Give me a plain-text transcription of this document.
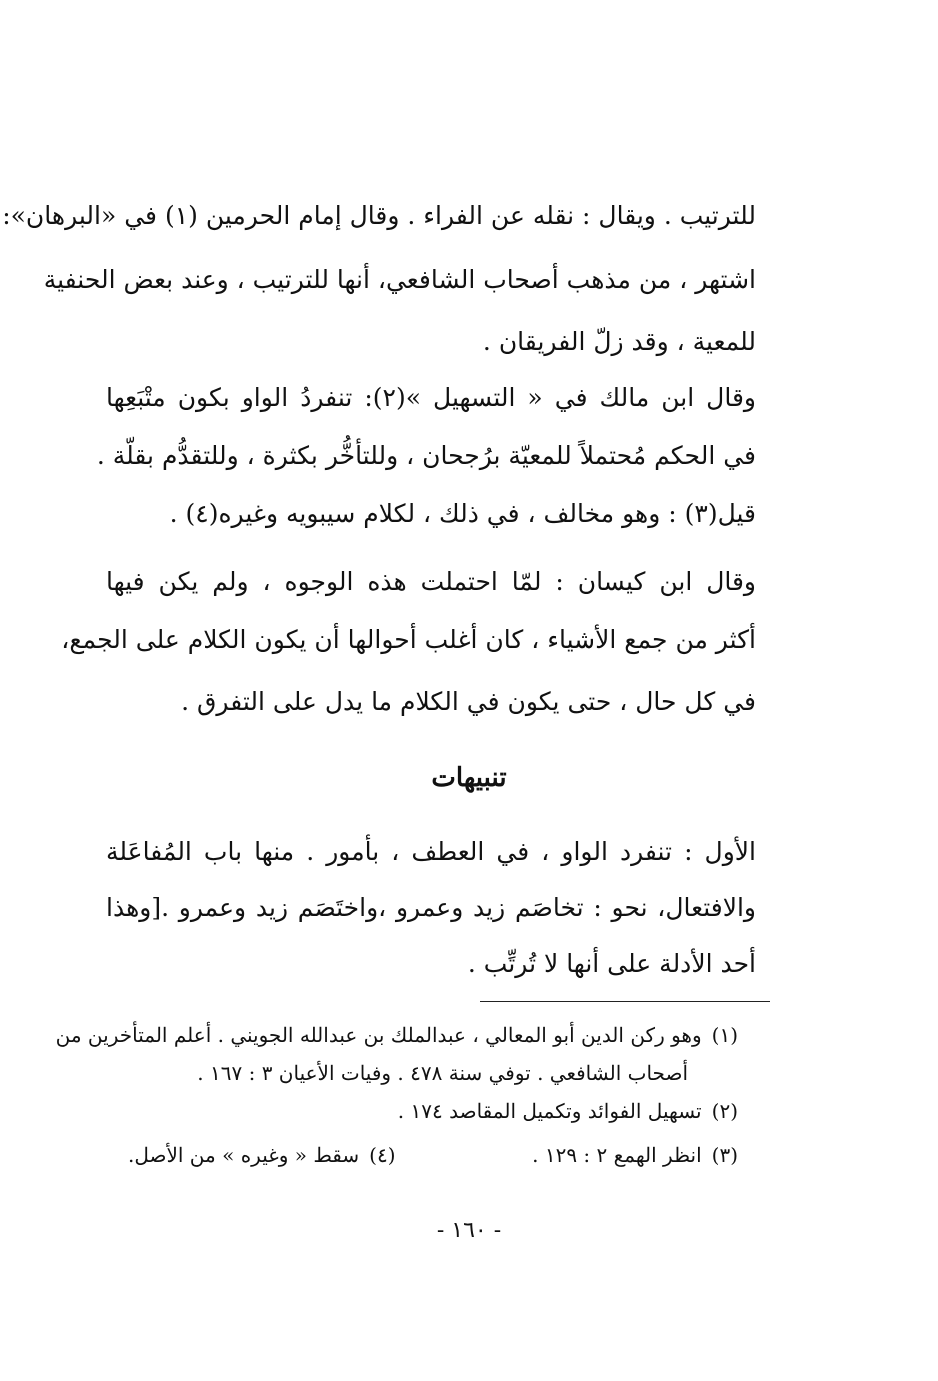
للترتيب . ويقال : نقله عن الفراء . وقال إمام الحرمين (١) في «البرهان»:
اشتهر ، من مذهب أصحاب الشافعي، أنها للترتيب ، وعند بعض الحنفية
للمعية ، وقد زلّ الفريقان .
وقال ابن مالك في « التسهيل »(٢): تنفردُ الواو بكون متْبَعِها
في الحكم مُحتملاً للمعيّة برُجحان ، وللتأخُّر بكثرة ، وللتقدُّم بقلّة .
قيل(٣) : وهو مخالف ، في ذلك ، لكلام سيبويه وغيره(٤) .
وقال ابن كيسان : لمّا احتملت هذه الوجوه ، ولم يكن فيها
أكثر من جمع الأشياء ، كان أغلب أحوالها أن يكون الكلام على الجمع،
في كل حال ، حتى يكون في الكلام ما يدل على التفرق .
تنبيهات
الأول : تنفرد الواو ، في العطف ، بأمور . منها باب المُفاعَلة
والافتعال، نحو : تخاصَم زيد وعمرو ،واختَصَم زيد وعمرو .[وهذا
أحد الأدلة على أنها لا تُرتِّب .
(١)وهو ركن الدين أبو المعالي ، عبدالملك بن عبدالله الجويني . أعلم المتأخرين من
أصحاب الشافعي . توفي سنة ٤٧٨ . وفيات الأعيان ٣ : ١٦٧ .
(٢)تسهيل الفوائد وتكميل المقاصد ١٧٤ .
(٣)انظر الهمع ٢ : ١٢٩ .
(٤)سقط « وغيره » من الأصل.
- ١٦٠ -
